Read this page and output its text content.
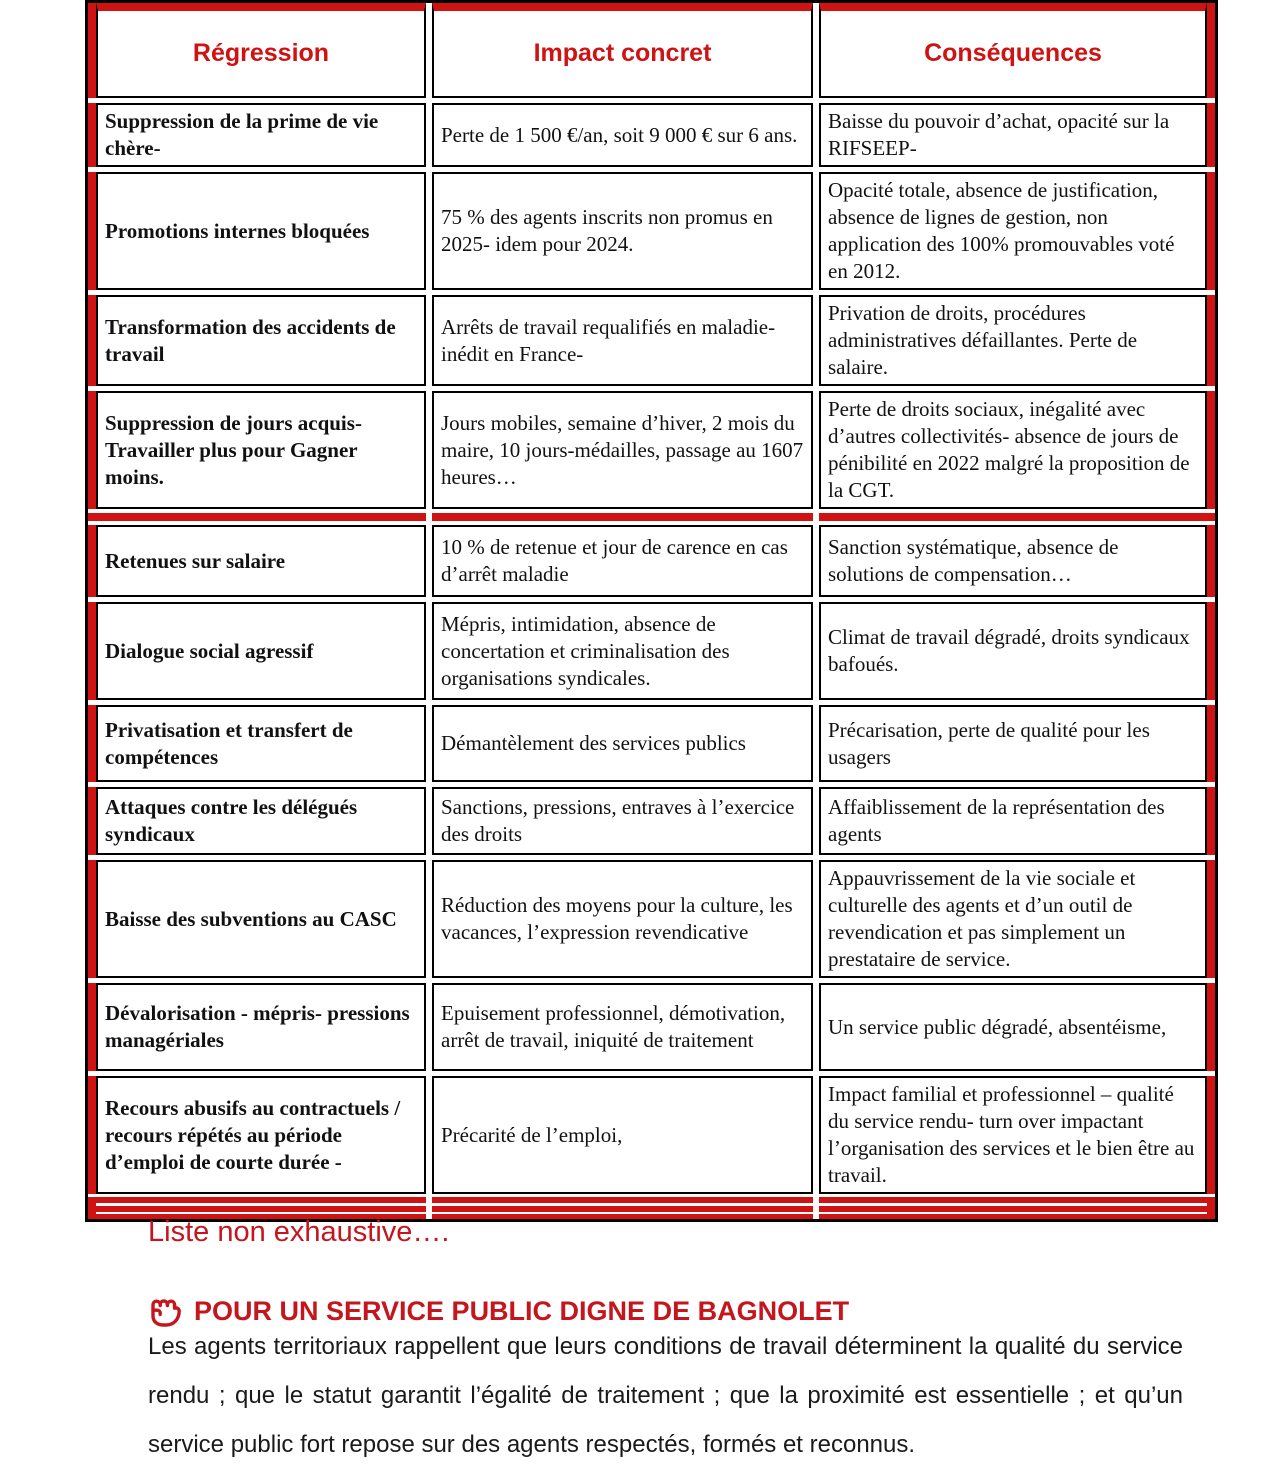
Régression	Impact concret	Conséquences
Suppression de la prime de vie chère-
Perte de 1 500 €/an, soit 9 000 € sur 6 ans.
Baisse du pouvoir d’achat, opacité sur la RIFSEEP-
Promotions internes bloquées
75 % des agents inscrits non promus en 2025- idem pour 2024.
Opacité totale, absence de justification, absence de lignes de gestion, non application des 100% promouvables voté en 2012.
Transformation des accidents de travail
Arrêts de travail requalifiés en maladie- inédit en France-
Privation de droits, procédures administratives défaillantes. Perte de salaire.
Suppression de jours acquis- Travailler plus pour Gagner moins.
Jours mobiles, semaine d’hiver, 2 mois du maire, 10 jours-médailles, passage au 1607 heures…
Perte de droits sociaux, inégalité avec d’autres collectivités- absence de jours de pénibilité en 2022 malgré la proposition de la CGT.
Retenues sur salaire
10 % de retenue et jour de carence en cas d’arrêt maladie
Sanction systématique, absence de solutions de compensation…
Dialogue social agressif
Mépris, intimidation, absence de concertation et criminalisation des organisations syndicales.
Climat de travail dégradé, droits syndicaux bafoués.
Privatisation et transfert de compétences
Démantèlement des services publics
Précarisation, perte de qualité pour les usagers
Attaques contre les délégués syndicaux
Sanctions, pressions, entraves à l’exercice des droits
Affaiblissement de la représentation des agents
Baisse des subventions au CASC
Réduction des moyens pour la culture, les vacances, l’expression revendicative
Appauvrissement de la vie sociale et culturelle des agents et d’un outil de revendication et pas simplement un prestataire de service.
Dévalorisation - mépris- pressions managériales
Epuisement professionnel, démotivation, arrêt de travail, iniquité de traitement
Un service public dégradé, absentéisme,
Recours abusifs au contractuels / recours répétés au période d’emploi de courte durée -
Précarité de l’emploi,
Impact familial et professionnel – qualité du service rendu- turn over impactant l’organisation des services et le bien être au travail.
Liste non exhaustive….
POUR UN SERVICE PUBLIC DIGNE DE BAGNOLET

Les agents territoriaux rappellent que leurs conditions de travail déterminent la qualité du service rendu ; que le statut garantit l’égalité de traitement ; que la proximité est essentielle ; et qu’un service public fort repose sur des agents respectés, formés et reconnus.
